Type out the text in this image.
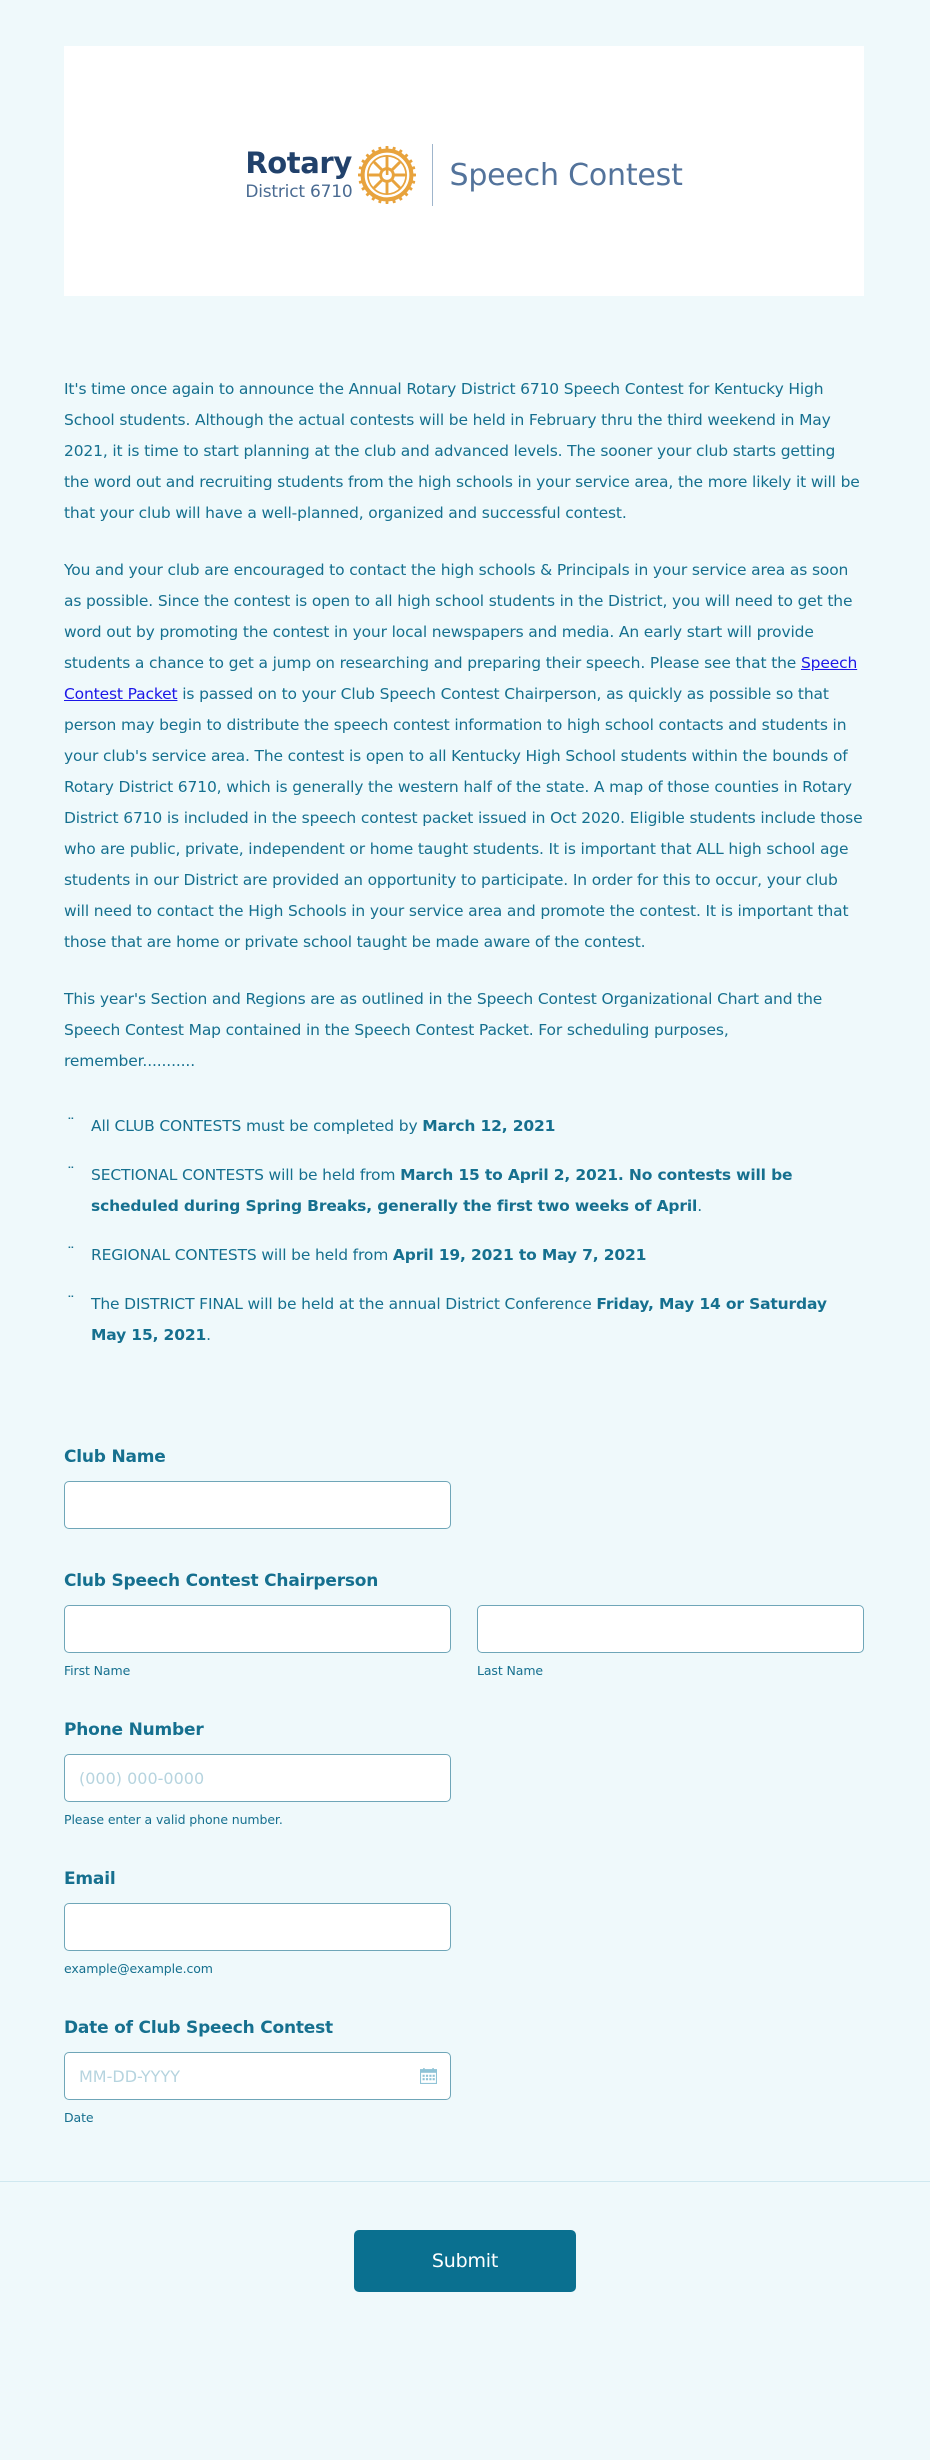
Rotary
District 6710	Speech Contest

It's time once again to announce the Annual Rotary District 6710 Speech Contest for Kentucky High School students. Although the actual contests will be held in February thru the third weekend in May 2021, it is time to start planning at the club and advanced levels. The sooner your club starts getting the word out and recruiting students from the high schools in your service area, the more likely it will be that your club will have a well-planned, organized and successful contest.

You and your club are encouraged to contact the high schools & Principals in your service area as soon as possible. Since the contest is open to all high school students in the District, you will need to get the word out by promoting the contest in your local newspapers and media. An early start will provide students a chance to get a jump on researching and preparing their speech. Please see that the Speech Contest Packet is passed on to your Club Speech Contest Chairperson, as quickly as possible so that person may begin to distribute the speech contest information to high school contacts and students in your club's service area. The contest is open to all Kentucky High School students within the bounds of Rotary District 6710, which is generally the western half of the state. A map of those counties in Rotary District 6710 is included in the speech contest packet issued in Oct 2020. Eligible students include those who are public, private, independent or home taught students. It is important that ALL high school age students in our District are provided an opportunity to participate. In order for this to occur, your club will need to contact the High Schools in your service area and promote the contest. It is important that those that are home or private school taught be made aware of the contest.

This year's Section and Regions are as outlined in the Speech Contest Organizational Chart and the Speech Contest Map contained in the Speech Contest Packet. For scheduling purposes, remember...........

¨ All CLUB CONTESTS must be completed by March 12, 2021
¨ SECTIONAL CONTESTS will be held from March 15 to April 2, 2021. No contests will be scheduled during Spring Breaks, generally the first two weeks of April.
¨ REGIONAL CONTESTS will be held from April 19, 2021 to May 7, 2021
¨ The DISTRICT FINAL will be held at the annual District Conference Friday, May 14 or Saturday May 15, 2021.
Club Name
Club Speech Contest Chairperson
First Name	Last Name
Phone Number
(000) 000-0000
Please enter a valid phone number.
Email
example@example.com
Date of Club Speech Contest
MM-DD-YYYY
Date
Submit
